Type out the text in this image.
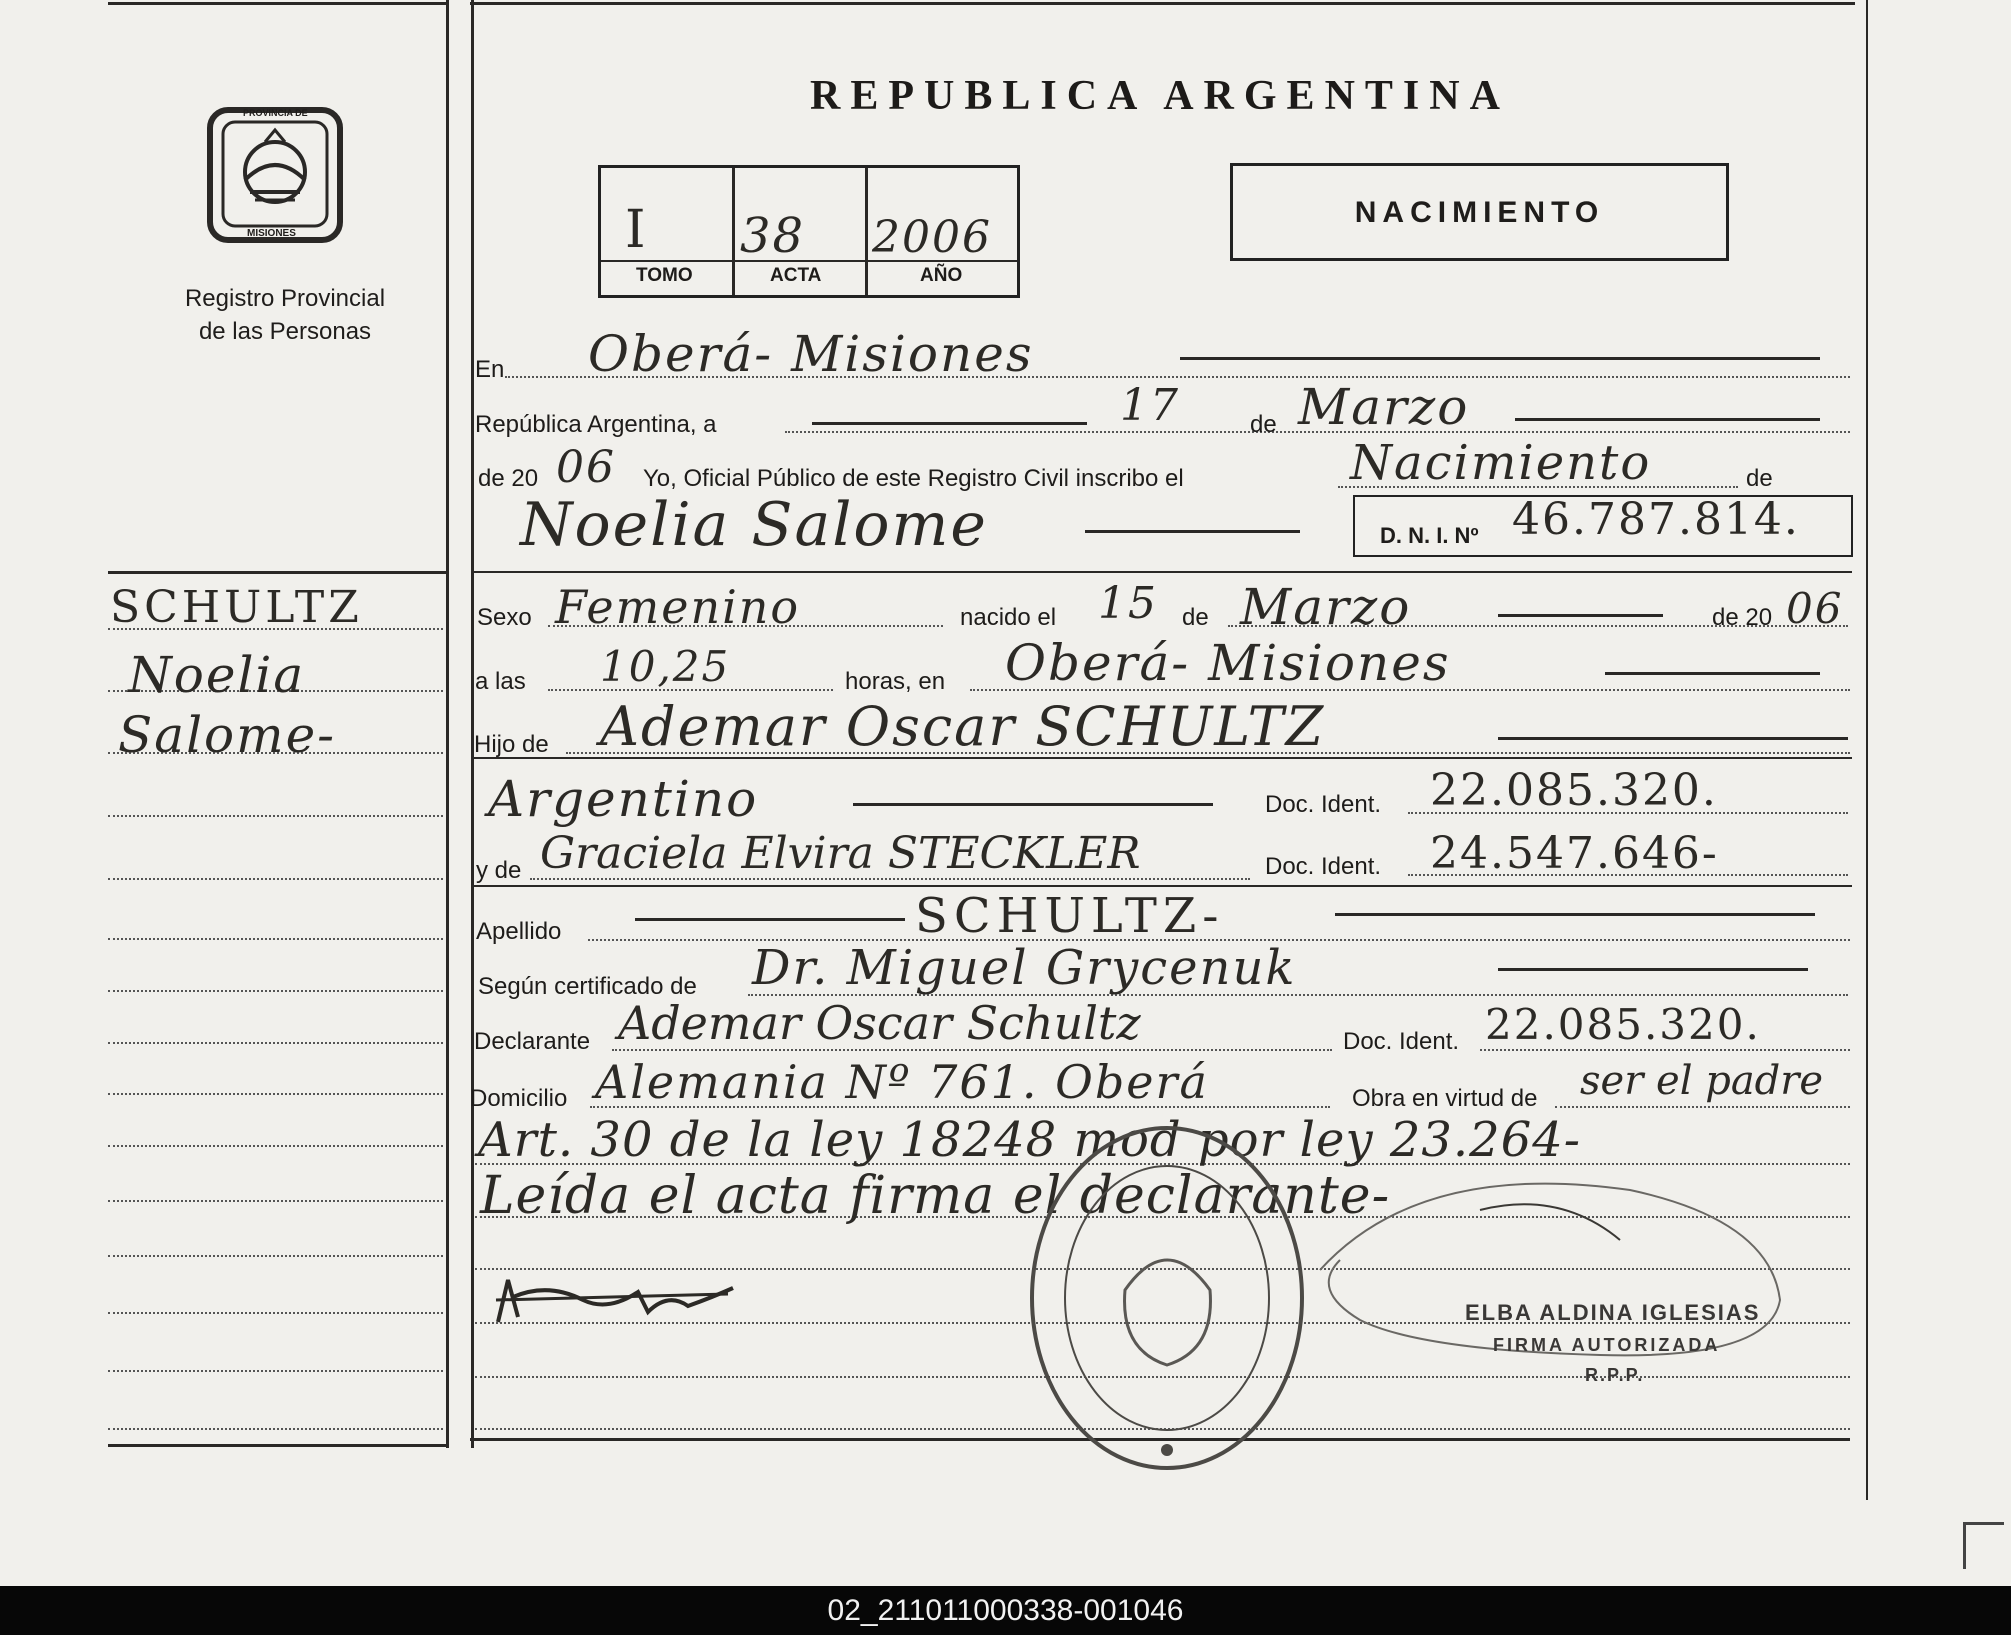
PROVINCIA DE
MISIONES
Registro Provincial
de las Personas
SCHULTZ
Noelia
Salome-
REPUBLICA ARGENTINA
I 38 2006
TOMO	ACTA	AÑO
NACIMIENTO
En Oberá- Misiones
República Argentina, a	17	de Marzo
de 20 06 Yo, Oficial Público de este Registro Civil inscribo el	Nacimiento	de
Noelia Salome	D. N. I. Nº 46.787.814.
Sexo Femenino	nacido el 15 de Marzo	de 20 06
a las 10,25	horas, en Oberá- Misiones
Hijo de Ademar Oscar SCHULTZ
Argentino	Doc. Ident. 22.085.320.
y de Graciela Elvira STECKLER	Doc. Ident. 24.547.646-
Apellido	SCHULTZ-
Según certificado de Dr. Miguel Grycenuk
Declarante Ademar Oscar Schultz	Doc. Ident. 22.085.320.
Domicilio Alemania Nº 761. Oberá	Obra en virtud de ser el padre
Art. 30 de la ley 18248 mod por ley 23.264-
Leída el acta firma el declarante-
ELBA ALDINA IGLESIAS
FIRMA AUTORIZADA
R.P.P.
02_211011000338-001046
